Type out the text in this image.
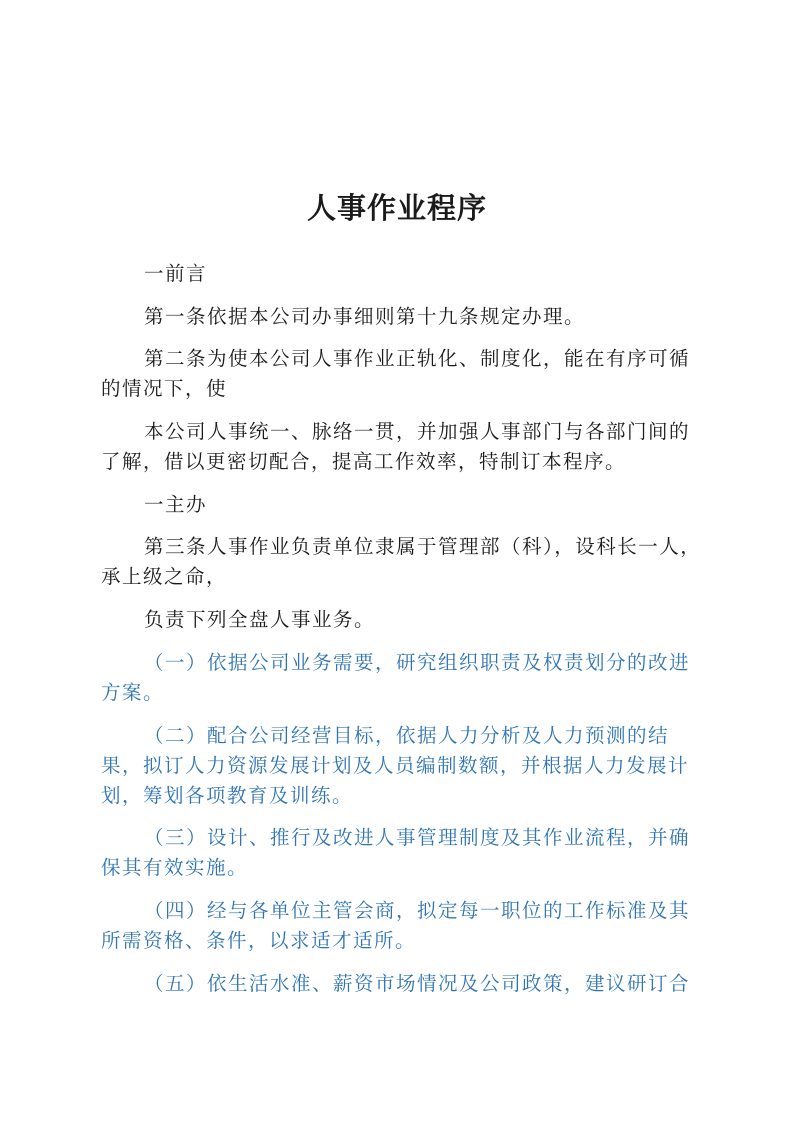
人事作业程序

一前言

第一条依据本公司办事细则第十九条规定办理。

第二条为使本公司人事作业正轨化、制度化，能在有序可循的情况下，使

本公司人事统一、脉络一贯，并加强人事部门与各部门间的了解，借以更密切配合，提高工作效率，特制订本程序。

一主办

第三条人事作业负责单位隶属于管理部（科），设科长一人，承上级之命，

负责下列全盘人事业务。

（一）依据公司业务需要，研究组织职责及权责划分的改进方案。

（二）配合公司经营目标，依据人力分析及人力预测的结果，拟订人力资源发展计划及人员编制数额，并根据人力发展计划，筹划各项教育及训练。

（三）设计、推行及改进人事管理制度及其作业流程，并确保其有效实施。

（四）经与各单位主管会商，拟定每一职位的工作标准及其所需资格、条件，以求适才适所。

（五）依生活水准、薪资市场情况及公司政策，建议研订合
